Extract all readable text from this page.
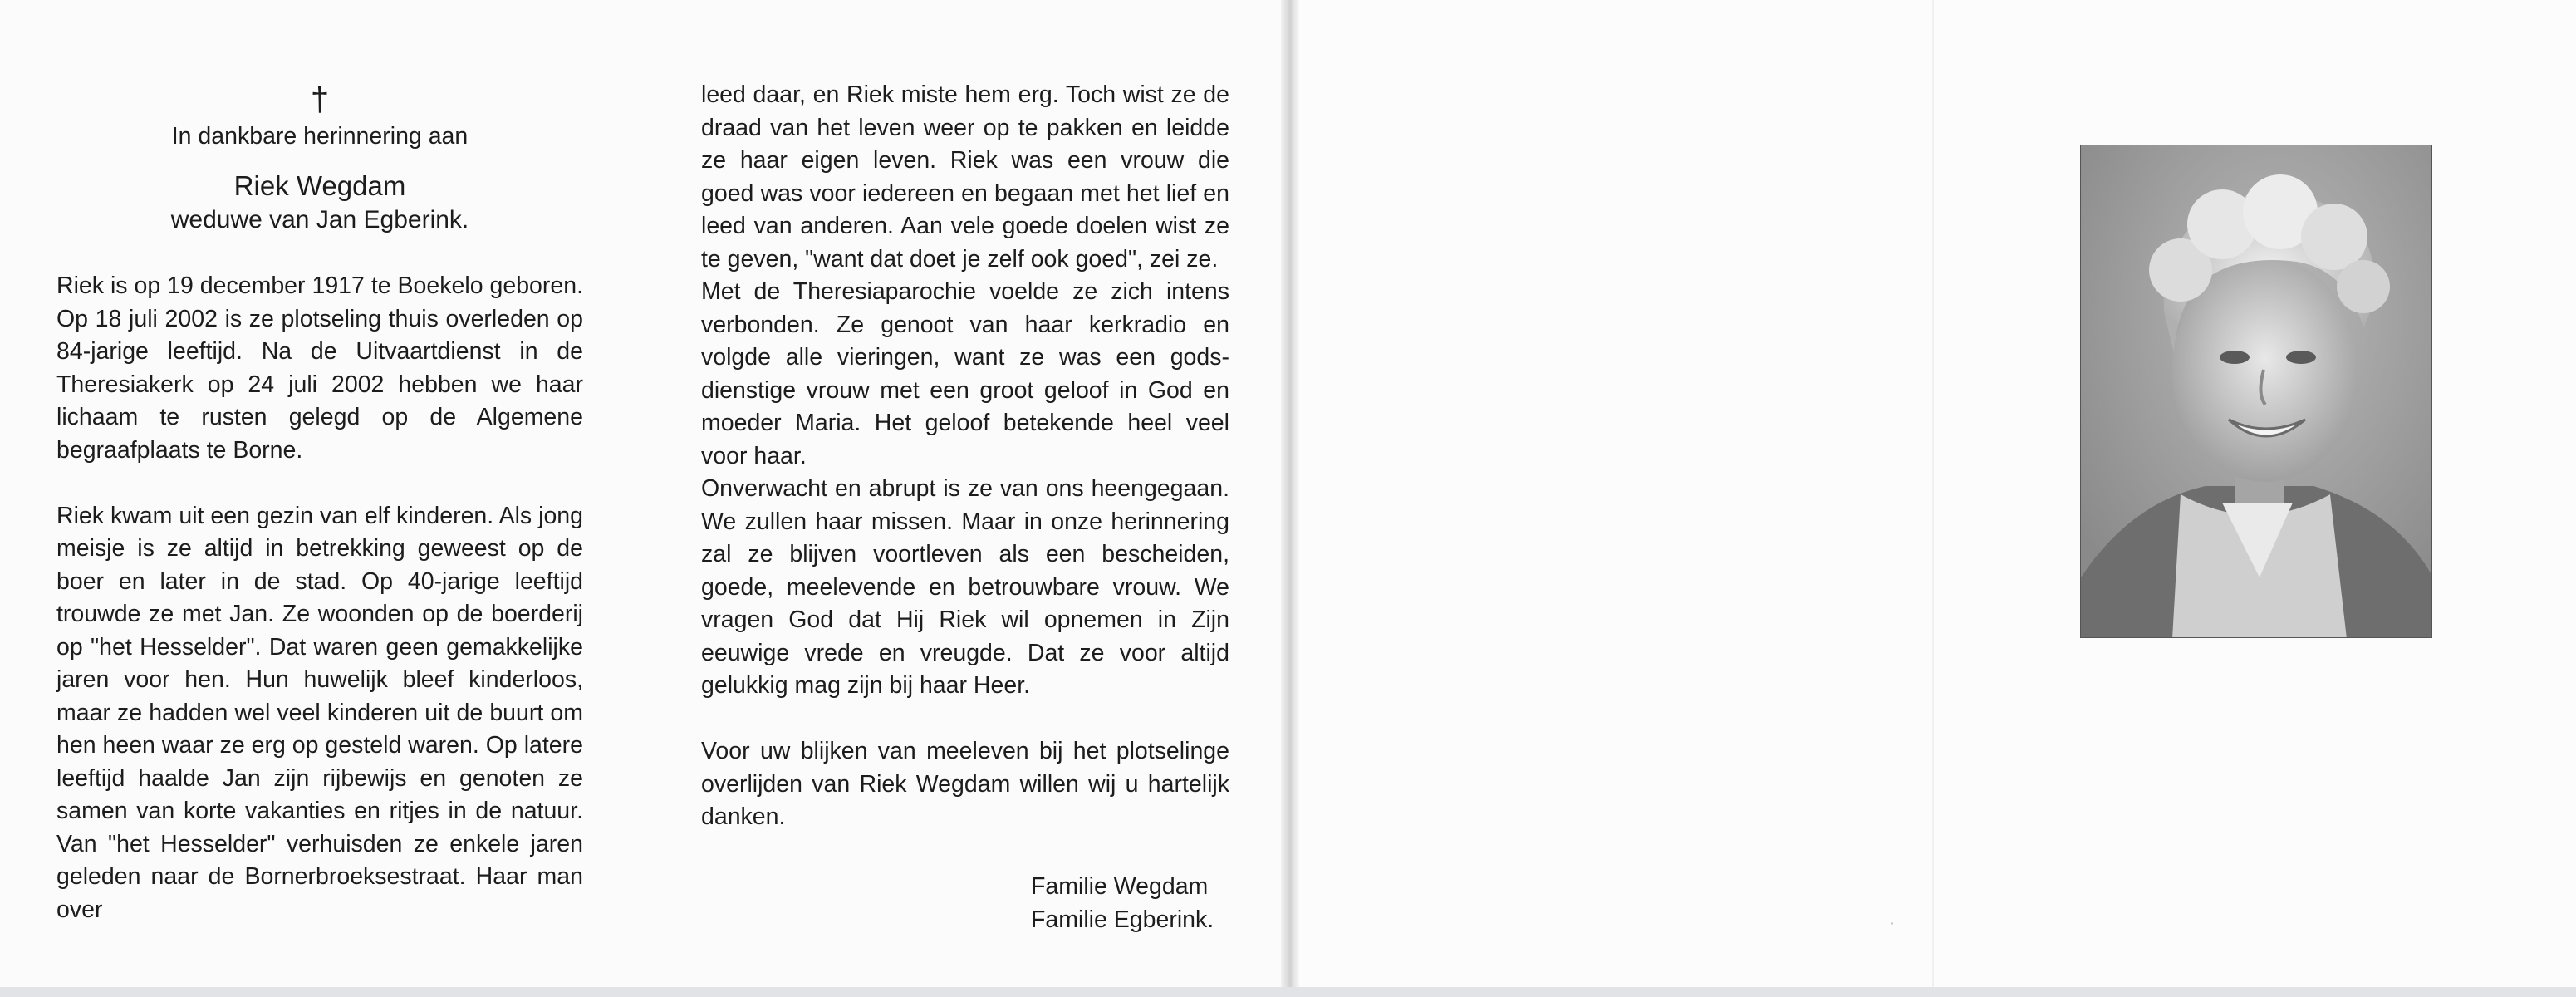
†
In dankbare herinnering aan
Riek Wegdam
weduwe van Jan Egberink.

Riek is op 19 december 1917 te Boekelo geboren. Op 18 juli 2002 is ze plotseling thuis overleden op 84-jarige leeftijd. Na de Uitvaartdienst in de Theresiakerk op 24 juli 2002 hebben we haar lichaam te rusten gelegd op de Algemene begraafplaats te Borne.

Riek kwam uit een gezin van elf kinderen. Als jong meisje is ze altijd in betrekking geweest op de boer en later in de stad. Op 40-jarige leeftijd trouwde ze met Jan. Ze woonden op de boerderij op "het Hesselder". Dat waren geen gemakkelijke jaren voor hen. Hun huwelijk bleef kinderloos, maar ze hadden wel veel kinderen uit de buurt om hen heen waar ze erg op gesteld waren. Op latere leeftijd haalde Jan zijn rijbewijs en genoten ze samen van korte vakanties en ritjes in de natuur. Van "het Hesselder" verhuisden ze enkele jaren geleden naar de Bornerbroeksestraat. Haar man over

leed daar, en Riek miste hem erg. Toch wist ze de draad van het leven weer op te pakken en leidde ze haar eigen leven. Riek was een vrouw die goed was voor iedereen en begaan met het lief en leed van anderen. Aan vele goede doelen wist ze te geven, "want dat doet je zelf ook goed", zei ze.

Met de Theresiaparochie voelde ze zich intens verbonden. Ze genoot van haar kerkradio en volgde alle vieringen, want ze was een godsdienstige vrouw met een groot geloof in God en moeder Maria. Het geloof betekende heel veel voor haar.

Onverwacht en abrupt is ze van ons heengegaan. We zullen haar missen. Maar in onze herinnering zal ze blijven voortleven als een bescheiden, goede, meelevende en betrouwbare vrouw. We vragen God dat Hij Riek wil opnemen in Zijn eeuwige vrede en vreugde. Dat ze voor altijd gelukkig mag zijn bij haar Heer.

Voor uw blijken van meeleven bij het plotselinge overlijden van Riek Wegdam willen wij u hartelijk danken.

Familie Wegdam
Familie Egberink.
